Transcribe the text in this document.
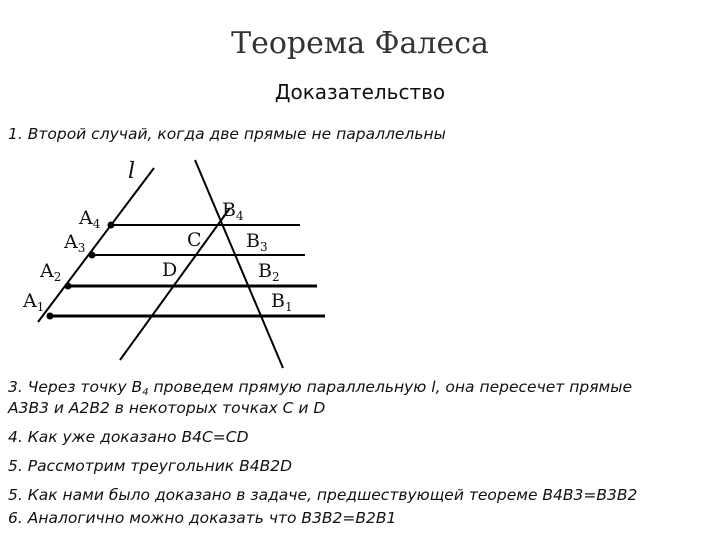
Теорема Фалеса
Доказательство
1. Второй случай, когда две прямые не параллельны
l
$A_4$
$A_3$
$A_2$
$A_1$
$B_4$
$B_3$
$B_2$
$B_1$
C
D
3. Через точку $B_4$ проведем прямую параллельную l, она пересечет прямые
A3B3 и A2B2 в некоторых точках C и D
4. Как уже доказано B4C=CD
5. Рассмотрим треугольник B4B2D
5. Как нами было доказано в задаче, предшествующей теореме B4B3=B3B2
6. Аналогично можно доказать что B3B2=B2B1
